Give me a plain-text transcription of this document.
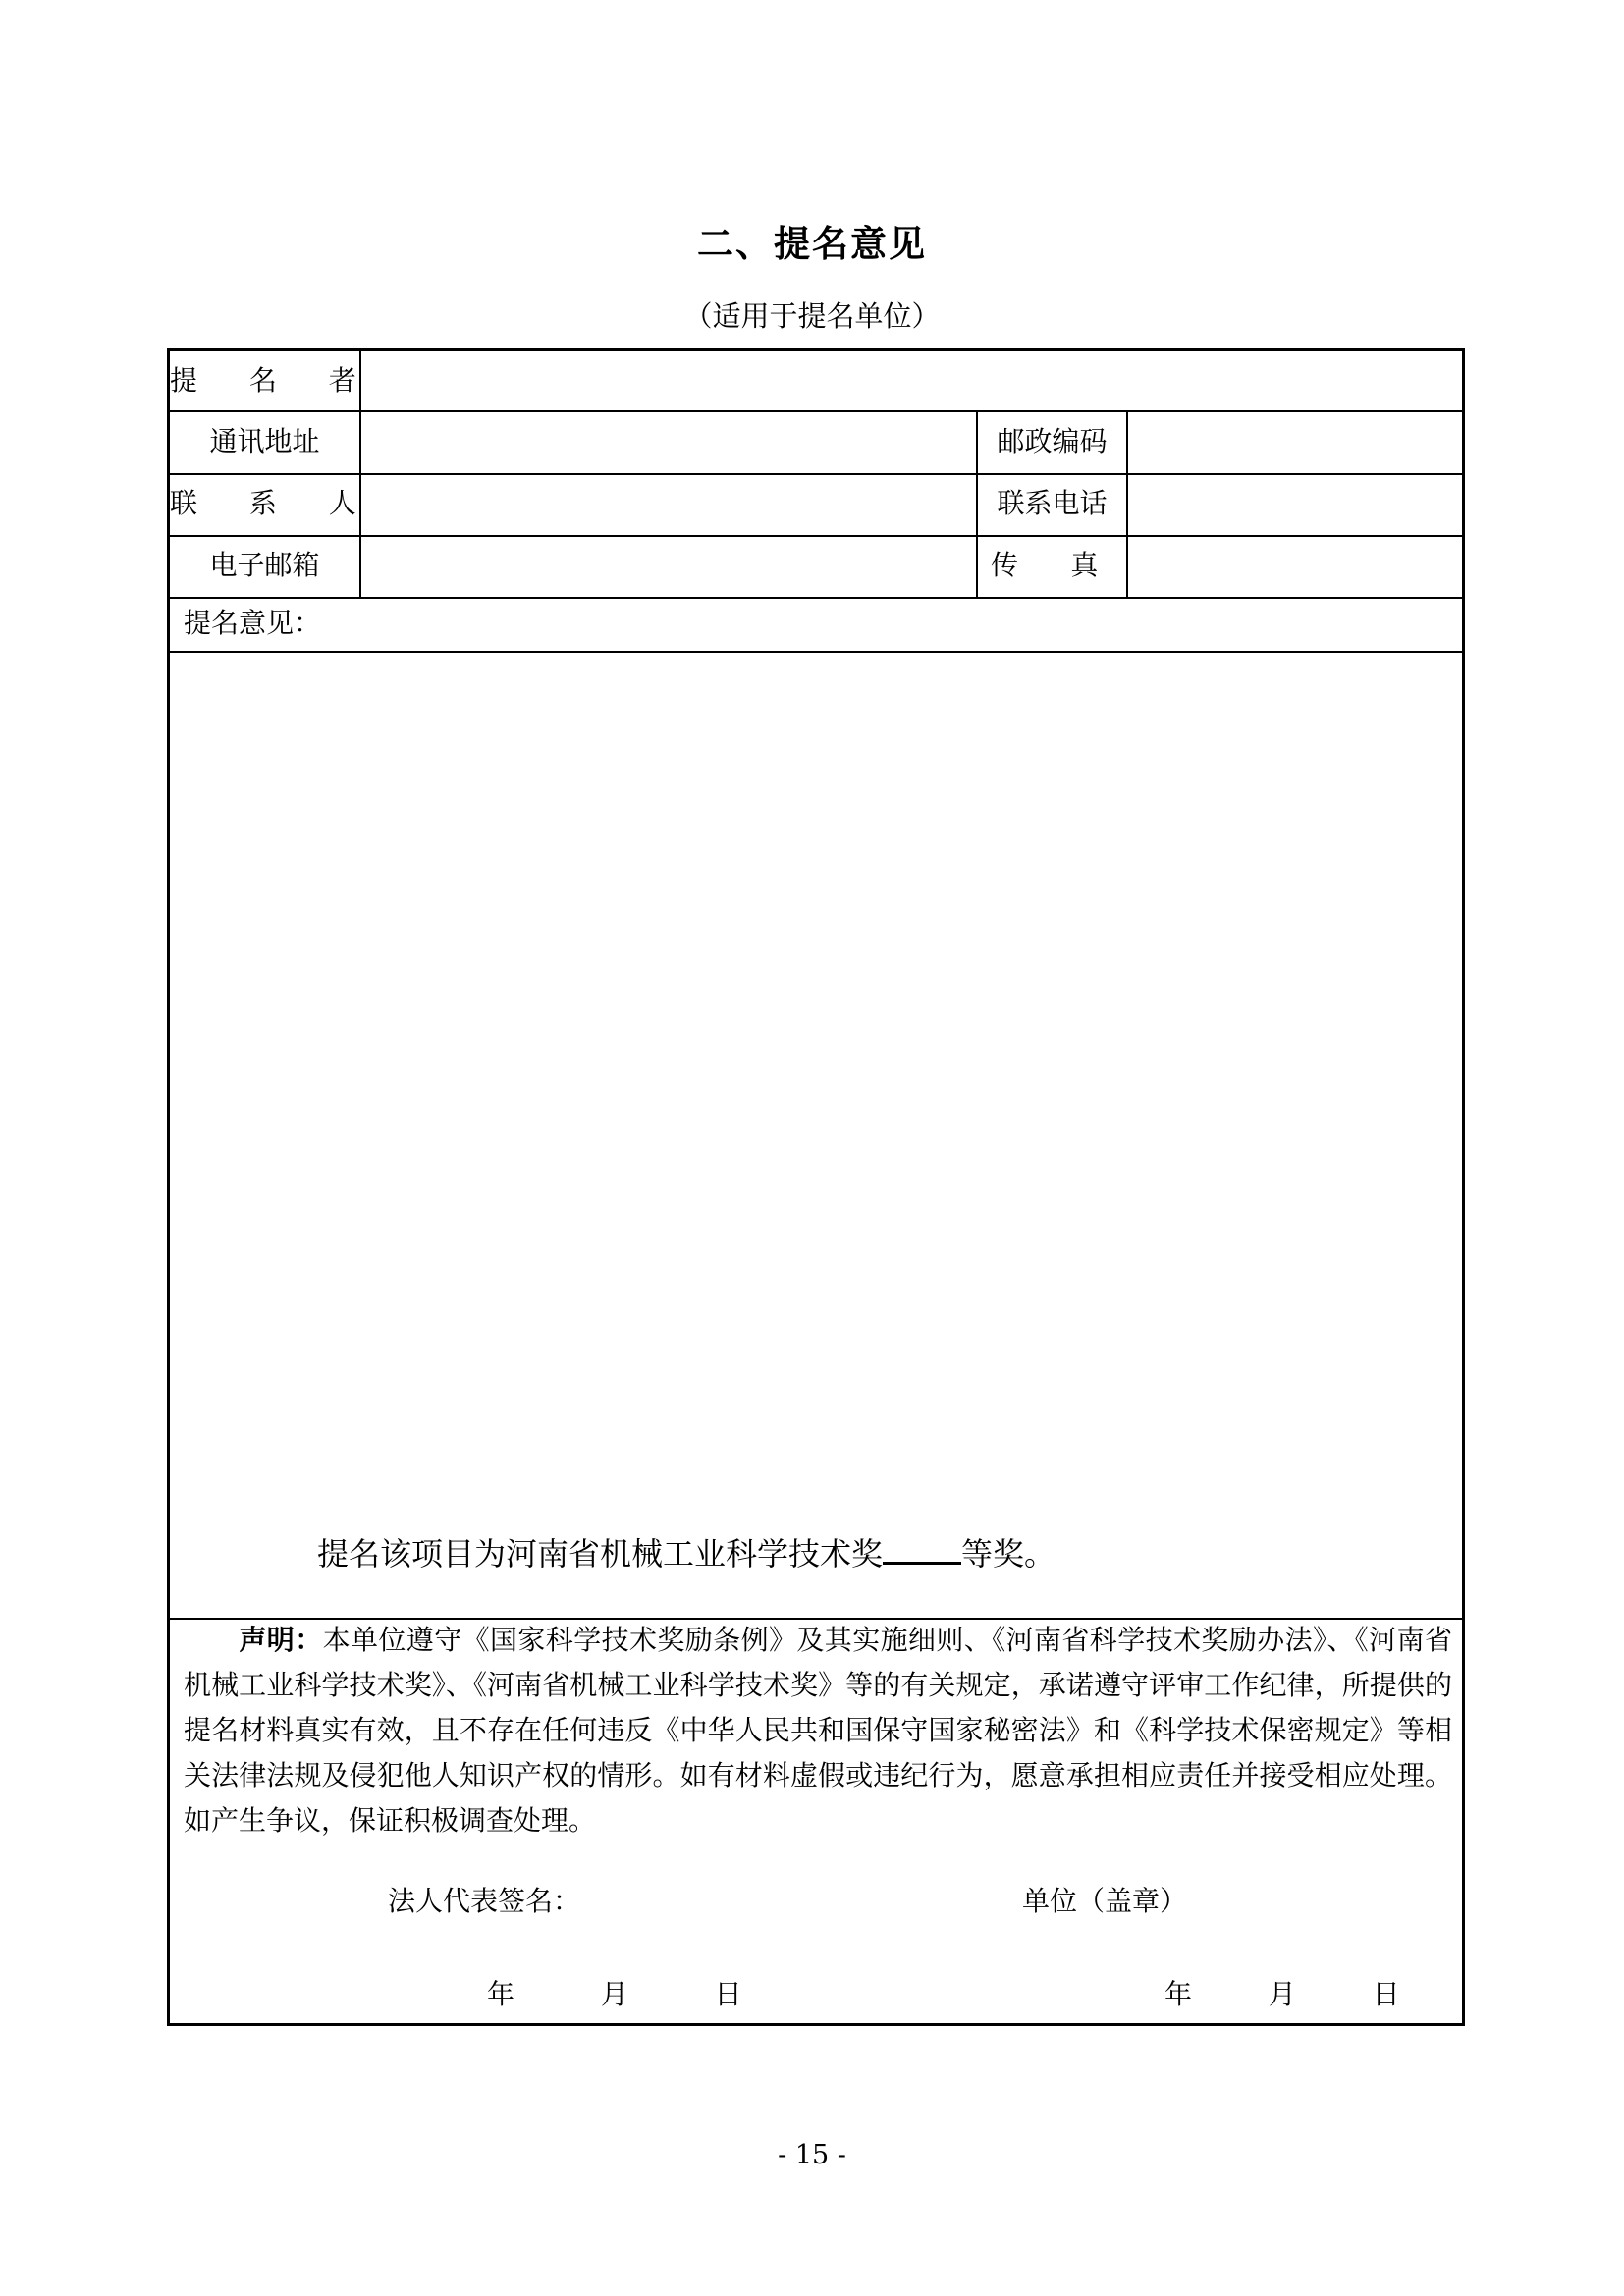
二、提名意见
（适用于提名单位）
提 名 者
通讯地址	邮政编码
联 系 人	联系电话
电子邮箱	传      真
提名意见：
提名该项目为河南省机械工业科学技术奖	等奖。
声明：本单位遵守《国家科学技术奖励条例》及其实施细则、《河南省科学技术奖励办法》、《河南省机械工业科学技术奖》、《河南省机械工业科学技术奖》等的有关规定，承诺遵守评审工作纪律，所提供的提名材料真实有效，且不存在任何违反《中华人民共和国保守国家秘密法》和《科学技术保密规定》等相关法律法规及侵犯他人知识产权的情形。如有材料虚假或违纪行为，愿意承担相应责任并接受相应处理。如产生争议，保证积极调查处理。
法人代表签名：	单位（盖章）
年	月	日	年	月	日
- 15 -
